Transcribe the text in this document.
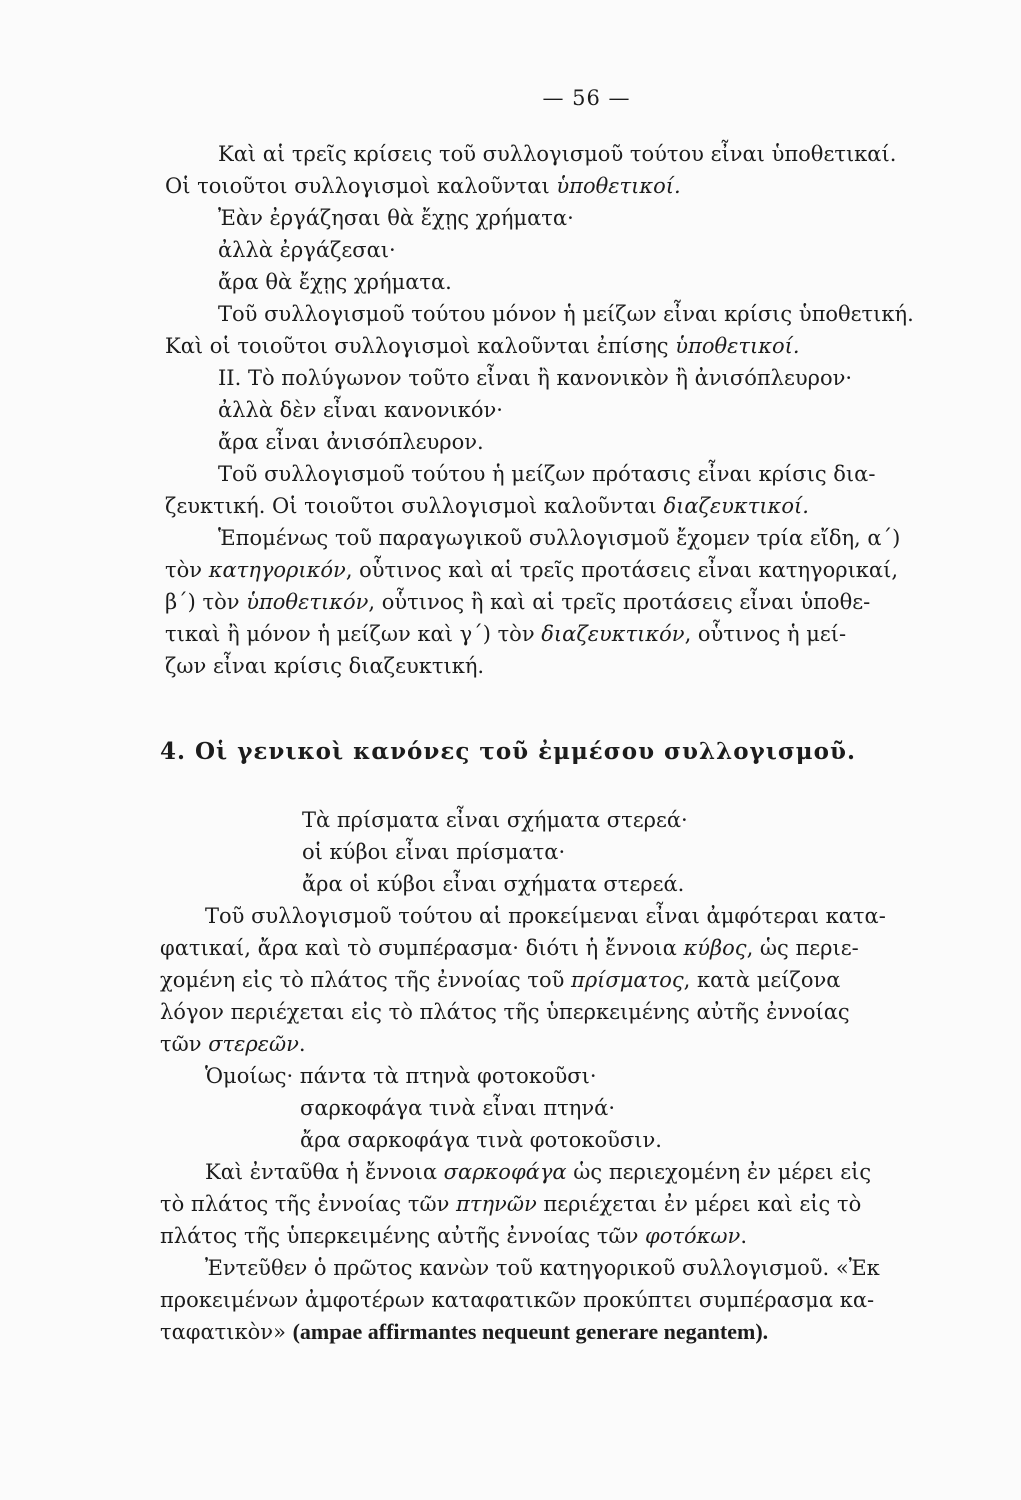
— 56 —
Καὶ αἱ τρεῖς κρίσεις τοῦ συλλογισμοῦ τούτου εἶναι ὑποθετικαί.
Οἱ τοιοῦτοι συλλογισμοὶ καλοῦνται ὑποθετικοί.
Ἐὰν ἐργάζησαι θὰ ἔχῃς χρήματα·
ἀλλὰ ἐργάζεσαι·
ἄρα θὰ ἔχῃς χρήματα.
Τοῦ συλλογισμοῦ τούτου μόνον ἡ μείζων εἶναι κρίσις ὑποθετική.
Καὶ οἱ τοιοῦτοι συλλογισμοὶ καλοῦνται ἐπίσης ὑποθετικοί.
ΙΙ. Τὸ πολύγωνον τοῦτο εἶναι ἢ κανονικὸν ἢ ἀνισόπλευρον·
ἀλλὰ δὲν εἶναι κανονικόν·
ἄρα εἶναι ἀνισόπλευρον.
Τοῦ συλλογισμοῦ τούτου ἡ μείζων πρότασις εἶναι κρίσις δια-
ζευκτική. Οἱ τοιοῦτοι συλλογισμοὶ καλοῦνται διαζευκτικοί.
Ἑπομένως τοῦ παραγωγικοῦ συλλογισμοῦ ἔχομεν τρία εἴδη, α΄)
τὸν κατηγορικόν, οὗτινος καὶ αἱ τρεῖς προτάσεις εἶναι κατηγορικαί,
β΄) τὸν ὑποθετικόν, οὗτινος ἢ καὶ αἱ τρεῖς προτάσεις εἶναι ὑποθε-
τικαὶ ἢ μόνον ἡ μείζων καὶ γ΄) τὸν διαζευκτικόν, οὗτινος ἡ μεί-
ζων εἶναι κρίσις διαζευκτική.
4. Οἱ γενικοὶ κανόνες τοῦ ἐμμέσου συλλογισμοῦ.
Τὰ πρίσματα εἶναι σχήματα στερεά·
οἱ κύβοι εἶναι πρίσματα·
ἄρα οἱ κύβοι εἶναι σχήματα στερεά.
Τοῦ συλλογισμοῦ τούτου αἱ προκείμεναι εἶναι ἀμφότεραι κατα-
φατικαί, ἄρα καὶ τὸ συμπέρασμα· διότι ἡ ἔννοια κύβος, ὡς περιε-
χομένη εἰς τὸ πλάτος τῆς ἐννοίας τοῦ πρίσματος, κατὰ μείζονα
λόγον περιέχεται εἰς τὸ πλάτος τῆς ὑπερκειμένης αὐτῆς ἐννοίας
τῶν στερεῶν.
Ὁμοίως· πάντα τὰ πτηνὰ φοτοκοῦσι·
σαρκοφάγα τινὰ εἶναι πτηνά·
ἄρα σαρκοφάγα τινὰ φοτοκοῦσιν.
Καὶ ἐνταῦθα ἡ ἔννοια σαρκοφάγα ὡς περιεχομένη ἐν μέρει εἰς
τὸ πλάτος τῆς ἐννοίας τῶν πτηνῶν περιέχεται ἐν μέρει καὶ εἰς τὸ
πλάτος τῆς ὑπερκειμένης αὐτῆς ἐννοίας τῶν φοτόκων.
Ἐντεῦθεν ὁ πρῶτος κανὼν τοῦ κατηγορικοῦ συλλογισμοῦ. «Ἐκ
προκειμένων ἀμφοτέρων καταφατικῶν προκύπτει συμπέρασμα κα-
ταφατικὸν» (ampae affirmantes nequeunt generare negantem).
